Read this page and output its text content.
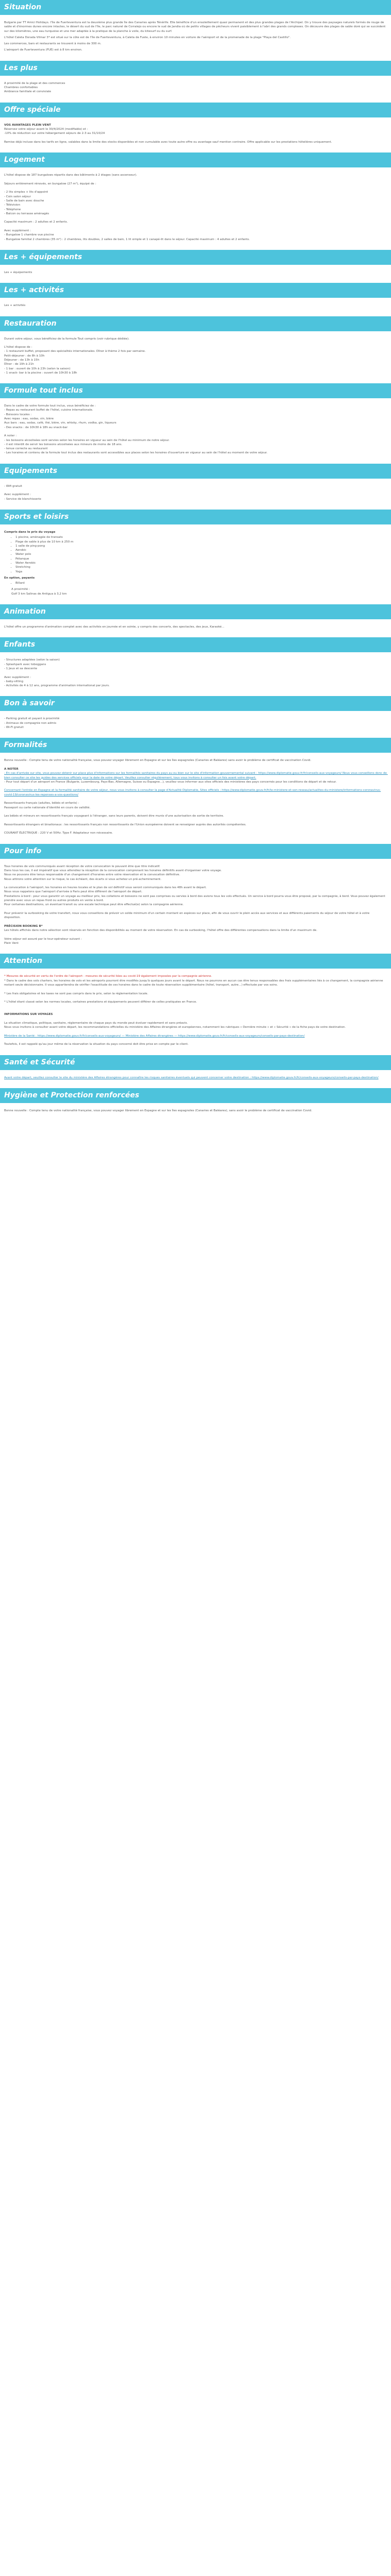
Situation

Bulgarie par TT Amici Holidays. l'île de Fuerteventura est la deuxième plus grande île des Canaries après Ténérife. Elle bénéficie d'un ensoleillement quasi permanent et des plus grandes plages de l'Archipel. On y trouve des paysages naturels formés de rouge de sable et d'énormes dunes encore intactes, le désert du sud de l'île, le parc naturel de Corralejo ou encore le sud de Jandia où de petits villages de pêcheurs vivent paisiblement à l'abri des grands complexes. On découvre des plages de sable doré qui se succèdent sur des kilomètres, une eau turquoise et une mer adaptée à la pratique de la planche à voile, du kitesurf ou du surf.

L'hôtel Caleta Dorada Vilmar 3* est situé sur la côte est de l'île de Fuerteventura, à Caleta de Fuste, à environ 10 minutes en voiture de l'aéroport et de la promenade de la plage "Playa del Castillo".

Les commerces, bars et restaurants se trouvent à moins de 300 m.

L'aéroport de Fuerteventura (FUE) est à 8 km environ.

Les plus
A proximité de la plage et des commerces
Chambres confortables
Ambiance familiale et conviviale
Offre spéciale
VOS AVANTAGES PLEIN VENT
Réservez votre séjour avant le 30/4/2024 (modifiable) et :
-10% de réduction sur votre hébergement séjours de 2-3 au 31/10/24

Remise déjà incluse dans les tarifs en ligne, valables dans la limite des stocks disponibles et non cumulable avec toute autre offre ou avantage sauf mention contraire. Offre applicable sur les prestations hôtelières uniquement.
Logement
L'hôtel dispose de 187 bungalows répartis dans des bâtiments à 2 étages (sans ascenseur).

Séjours entièrement rénovés, en bungalow (27 m²), équipé de :

- 2 lits simples + lits d'appoint
- Coin salon séjour
- Salle de bain avec douche
- Télévision
- Téléphone
- Balcon ou terrasse aménagés

Capacité maximum : 2 adultes et 2 enfants.

Avec supplément :
- Bungalow 1 chambre vue piscine
- Bungalow familial 2 chambres (35 m²) : 2 chambres, lits doubles, 2 salles de bain, 1 lit simple et 1 canapé-lit dans le séjour. Capacité maximum : 4 adultes et 2 enfants.
Les + équipements
Les + équipements
Les + activités
Les + activités
Restauration
Durant votre séjour, vous bénéficiez de la formule Tout compris (voir rubrique dédiée).

L'hôtel dispose de :
- 1 restaurant buffet, proposant des spécialités internationales. Dîner à thème 2 fois par semaine.
Petit-déjeuner : de 8h à 10h
Déjeuner : de 13h à 15h
Dîner : de 19h à 21h
- 1 bar : ouvert de 10h à 23h (selon la saison)
- 1 snack- bar à la piscine : ouvert de 10h30 à 18h
Formule tout inclus
Dans le cadre de votre formule tout inclus, vous bénéficiez de :
- Repas au restaurant buffet de l'hôtel, cuisine internationale.
- Boissons locales :
Avec repas : eau, sodas, vin, bière
Aux bars : eau, sodas, café, thé, bière, vin, whisky, rhum, vodka, gin, liqueurs
- Des snacks : de 10h30 à 18h au snack-bar

A noter :
- les boissons alcoolisées sont servies selon les horaires en vigueur au sein de l'hôtel au minimum de notre séjour.
- il est interdit de servir les boissons alcoolisées aux mineurs de moins de 18 ans.
- tenue correcte au restaurant
- Les horaires et contenu de la formule tout inclus des restaurants sont accessibles aux places selon les horaires d'ouverture en vigueur au sein de l'hôtel au moment de votre séjour.
Equipements
- Wifi gratuit

Avec supplément :
- Service de blanchisserie
Sports et loisirs
Compris dans le prix du voyage
• 1 piscine, aménagée de transats
• Plage de sable à plus de 10 km à 250 m
• 1 salle de ping-pong
• Aerobic
• Water polo
• Pétanque
• Water Aerobic
• Stretching
• Yoga
En option, payants
• Billard
A proximité :
Golf 3 km Salinas de Antigua à 3,2 km
Animation
L'hôtel offre un programme d'animation complet avec des activités en journée et en soirée, y compris des concerts, des spectacles, des jeux, Karaoké...
Enfants
- Structures adaptées (selon la saison)
- Splashpark avec toboggans
- 1 Jeux et sa descente

Avec supplément :
- baby-sitting
- Activités de 4 à 12 ans, programme d'animation international par jours.
Bon à savoir
- Parking gratuit et payant à proximité
- Animaux de compagnie non admis
- Wi-Fi gratuit
Formalités
Bonne nouvelle : Compte tenu de votre nationalité française, vous pouvez voyager librement en Espagne et sur les îles espagnoles (Canaries et Baléares) sans avoir le problème de certificat de vaccination Covid.

A NOTER
- En cas d'arrivée sur site, vous pouvez obtenir sur place plus d'informations sur les formalités sanitaires du pays au ou bien sur le site d'information gouvernemental suivant : https://www.diplomatie.gouv.fr/fr/conseils-aux-voyageurs/ Nous vous conseillons donc de bien consulter ce site les guides des services officiels pour la date de votre départ. Veuillez consulter régulièrement, tous vous invitons à consulter un fois avant votre départ.
- Pour tout départ d'un aéroport en France (Bulgarie, Luxembourg, Pays-Bas, Allemagne, Suisse ou Espagne...), veuillez vous informer aux sites officiels des ministères des pays concernés pour les conditions de départ et de retour.

Concernant l'entrée en Espagne et la formalité sanitaire de votre séjour, nous vous invitons à consulter la page d'Actualité Diplomatie, Sites officiels : https://www.diplomatie.gouv.fr/fr/le-ministere-et-son-reseau/actualites-du-ministere/informations-coronavirus-covid-19/coronavirus-les-reponses-a-vos-questions/

Ressortissants français (adultes, bébés et enfants) :
Passeport ou carte nationale d'identité en cours de validité.

Les bébés et mineurs en ressortissants français voyageant à l'étranger, sans leurs parents, doivent être munis d'une autorisation de sortie de territoire.

Ressortissants étrangers et binationaux : les ressortissants français non ressortissants de l'Union européenne doivent se renseigner auprès des autorités compétentes.

COURANT ÉLECTRIQUE : 220 V et 50Hz. Type F. Adaptateur non nécessaire.
Pour info
Tous horaires de vols communiqués avant réception de votre convocation le pouvant être que titre indicatif.
Dans tous les cas, il est impératif que vous attendiez la réception de la convocation comprenant les horaires définitifs avant d'organiser votre voyage.
Nous ne pouvons être tenus responsable d'un changement d'horaires entre votre réservation et la convocation définitive.
Nous attirons votre attention sur le risque, le cas échéant, des écarts si vous achetez un pré-acheminement.

La convocation à l'aéroport, les horaires en heures locales et le plan de vol définitif vous seront communiqués dans les 48h avant le départ.
Nous vous rappelons que l'aéroport d'arrivée à Paris peut être différent de l'aéroport de départ.
Prestations à bord : pour vous garantir un voyage au meilleur prix, les collations et boissons ne sont pas comprises ou servies à bord des avions tous les vols effectués. Un service à bord pourra vous être proposé, par la compagnie, à bord. Vous pouvez également prendre avec vous un repas froid ou autres produits en vente à bord.
Pour certaines destinations, un éventuel transit ou une escale technique peut être effectué(e) selon la compagnie aérienne.

Pour prévenir la surbooking de votre transfert, nous vous conseillons de prévoir un solde minimum d'un certain montant en espèces sur place, afin de vous ouvrir le plein accès aux services et aux différents paiements du séjour de votre hôtel et à votre disposition.

PRÉCISION BOOKING B*
Les hôtels affichés dans notre sélection sont réservés en fonction des disponibilités au moment de votre réservation. En cas de surbooking, l'hôtel offre des différentes compensations dans la limite d'un maximum de.

Votre séjour est assuré par le tour-opérateur suivant :
Plein Vent
Attention
* Mesures de sécurité en vertu de l'ordre de l'aéroport : mesures de sécurité liées au covid-19 également imposées par la compagnie aérienne.
* Dans le cadre des vols charters, les horaires de vols et les aéroports pourront être modifiés jusqu'à quelques jours avant le départ. Nous ne pourrons en aucun cas être tenus responsables des frais supplémentaires liés à ce changement, la compagnie aérienne restant seule décisionnaire. Il vous appartiendra de vérifier l'exactitude de ces horaires dans le cadre de toute réservation supplémentaire (hôtel, transport, autre...) effectuée par vos soins.

* Les frais obligatoires et les taxes ne sont pas compris dans le prix, selon la réglementation locale.

* L'hôtel étant classé selon les normes locales, certaines prestations et équipements peuvent différer de celles pratiquées en France.
INFORMATIONS SUR VOYAGES

La situation climatique, politique, sanitaire, réglementaire de chaque pays du monde peut évoluer rapidement et sans préavis.
Nous vous invitons à consulter avant votre départ, les recommandations officielles du ministère des Affaires étrangères et européennes, notamment les rubriques « Dernière minute » et « Sécurité » de la fiche pays de votre destination.

Ministère de la Santé : https://www.diplomatie.gouv.fr/fr/conseils-aux-voyageurs/ — Ministère des Affaires étrangères — https://www.diplomatie.gouv.fr/fr/conseils-aux-voyageurs/conseils-par-pays-destination/

Toutefois, il est rappelé qu'au jour même de la réservation la situation du pays concerné doit être prise en compte par le client.
Santé et Sécurité
Avant votre départ, veuillez consulter le site du ministère des Affaires étrangères pour connaître les risques sanitaires éventuels qui peuvent concerner votre destination : https://www.diplomatie.gouv.fr/fr/conseils-aux-voyageurs/conseils-par-pays-destination/
Hygiène et Protection renforcées
Bonne nouvelle : Compte tenu de votre nationalité française, vous pouvez voyager librement en Espagne et sur les îles espagnoles (Canaries et Baléares), sans avoir le problème de certificat de vaccination Covid.
